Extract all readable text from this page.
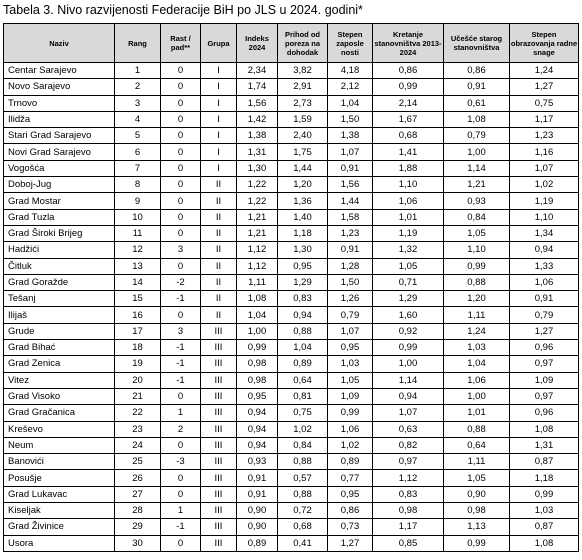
Tabela 3. Nivo razvijenosti Federacije BiH po JLS u 2024. godini*
Naziv	Rang	Rast / pad**	Grupa	Indeks 2024	Prihod od poreza na dohodak	Stepen zaposle nosti	Kretanje stanovništva 2013-2024	Učešće starog stanovništva	Stepen obrazovanja radne snage
Centar Sarajevo	1	0	I	2,34	3,82	4,18	0,86	0,86	1,24
Novo Sarajevo	2	0	I	1,74	2,91	2,12	0,99	0,91	1,27
Trnovo	3	0	I	1,56	2,73	1,04	2,14	0,61	0,75
Ilidža	4	0	I	1,42	1,59	1,50	1,67	1,08	1,17
Stari Grad Sarajevo	5	0	I	1,38	2,40	1,38	0,68	0,79	1,23
Novi Grad Sarajevo	6	0	I	1,31	1,75	1,07	1,41	1,00	1,16
Vogošća	7	0	I	1,30	1,44	0,91	1,88	1,14	1,07
Doboj-Jug	8	0	II	1,22	1,20	1,56	1,10	1,21	1,02
Grad Mostar	9	0	II	1,22	1,36	1,44	1,06	0,93	1,19
Grad Tuzla	10	0	II	1,21	1,40	1,58	1,01	0,84	1,10
Grad Široki Brijeg	11	0	II	1,21	1,18	1,23	1,19	1,05	1,34
Hadžići	12	3	II	1,12	1,30	0,91	1,32	1,10	0,94
Čitluk	13	0	II	1,12	0,95	1,28	1,05	0,99	1,33
Grad Goražde	14	-2	II	1,11	1,29	1,50	0,71	0,88	1,06
Tešanj	15	-1	II	1,08	0,83	1,26	1,29	1,20	0,91
Ilijaš	16	0	II	1,04	0,94	0,79	1,60	1,11	0,79
Grude	17	3	III	1,00	0,88	1,07	0,92	1,24	1,27
Grad Bihać	18	-1	III	0,99	1,04	0,95	0,99	1,03	0,96
Grad Zenica	19	-1	III	0,98	0,89	1,03	1,00	1,04	0,97
Vitez	20	-1	III	0,98	0,64	1,05	1,14	1,06	1,09
Grad Visoko	21	0	III	0,95	0,81	1,09	0,94	1,00	0,97
Grad Gračanica	22	1	III	0,94	0,75	0,99	1,07	1,01	0,96
Kreševo	23	2	III	0,94	1,02	1,06	0,63	0,88	1,08
Neum	24	0	III	0,94	0,84	1,02	0,82	0,64	1,31
Banovići	25	-3	III	0,93	0,88	0,89	0,97	1,11	0,87
Posušje	26	0	III	0,91	0,57	0,77	1,12	1,05	1,18
Grad Lukavac	27	0	III	0,91	0,88	0,95	0,83	0,90	0,99
Kiseljak	28	1	III	0,90	0,72	0,86	0,98	0,98	1,03
Grad Živinice	29	-1	III	0,90	0,68	0,73	1,17	1,13	0,87
Usora	30	0	III	0,89	0,41	1,27	0,85	0,99	1,08
